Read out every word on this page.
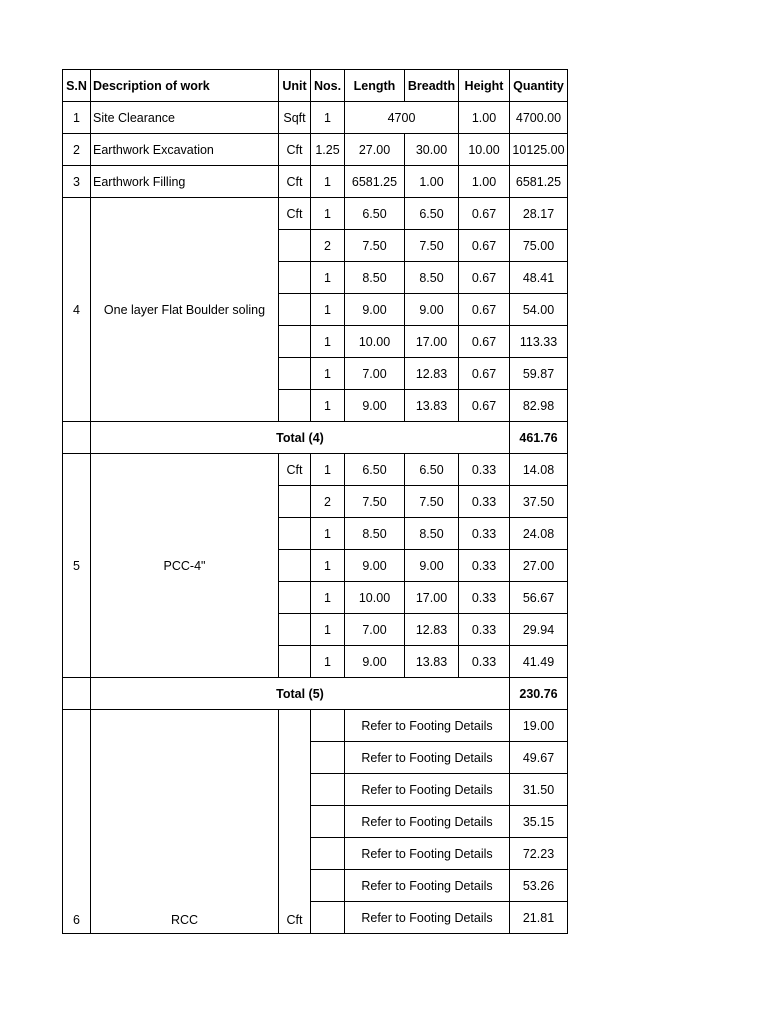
S.N	Description of work	Unit	Nos.	Length	Breadth	Height	Quantity
1	Site Clearance	Sqft	1	4700		1.00	4700.00
2	Earthwork Excavation	Cft	1.25	27.00	30.00	10.00	10125.00
3	Earthwork Filling	Cft	1	6581.25	1.00	1.00	6581.25
4	One layer Flat Boulder soling	Cft	1	6.50	6.50	0.67	28.17
			2	7.50	7.50	0.67	75.00
			1	8.50	8.50	0.67	48.41
			1	9.00	9.00	0.67	54.00
			1	10.00	17.00	0.67	113.33
			1	7.00	12.83	0.67	59.87
			1	9.00	13.83	0.67	82.98
	Total (4)						461.76
5	PCC-4"	Cft	1	6.50	6.50	0.33	14.08
			2	7.50	7.50	0.33	37.50
			1	8.50	8.50	0.33	24.08
			1	9.00	9.00	0.33	27.00
			1	10.00	17.00	0.33	56.67
			1	7.00	12.83	0.33	29.94
			1	9.00	13.83	0.33	41.49
	Total (5)						230.76
6	RCC	Cft		Refer to Footing Details			19.00
				Refer to Footing Details			49.67
				Refer to Footing Details			31.50
				Refer to Footing Details			35.15
				Refer to Footing Details			72.23
				Refer to Footing Details			53.26
				Refer to Footing Details			21.81
